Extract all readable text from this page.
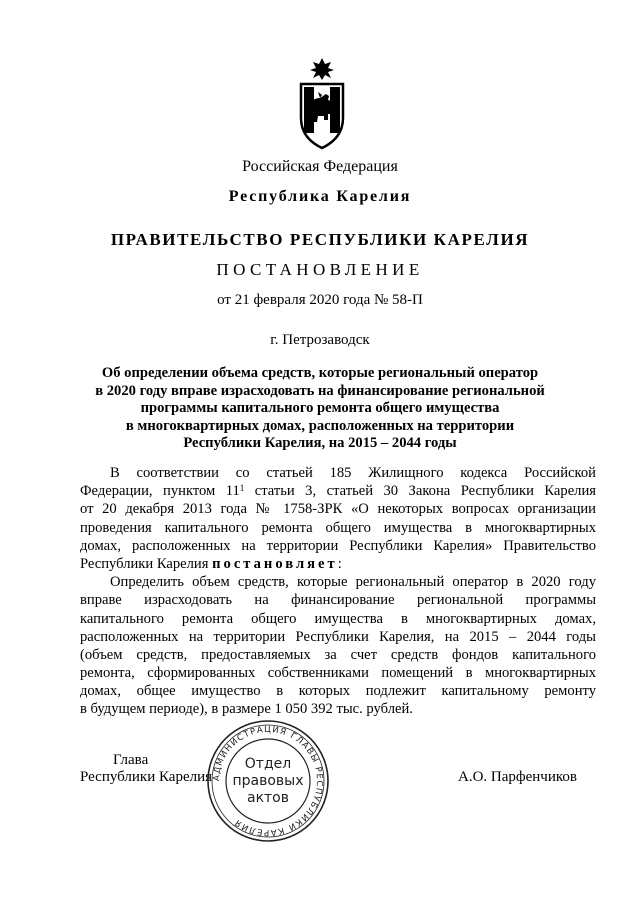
Российская Федерация
Республика Карелия
ПРАВИТЕЛЬСТВО РЕСПУБЛИКИ КАРЕЛИЯ
ПОСТАНОВЛЕНИЕ
от 21 февраля 2020 года № 58-П
г. Петрозаводск
Об определении объема средств, которые региональный оператор
в 2020 году вправе израсходовать на финансирование региональной
программы капитального ремонта общего имущества
в многоквартирных домах, расположенных на территории
Республики Карелия, на 2015 – 2044 годы
В соответствии со статьей 185 Жилищного кодекса Российской
Федерации, пунктом $11^1$ статьи 3, статьей 30 Закона Республики Карелия
от 20 декабря 2013 года № 1758-ЗРК «О некоторых вопросах организации
проведения капитального ремонта общего имущества в многоквартирных
домах, расположенных на территории Республики Карелия» Правительство
Республики Карелия постановляет:
Определить объем средств, которые региональный оператор в 2020 году
вправе израсходовать на финансирование региональной программы
капитального ремонта общего имущества в многоквартирных домах,
расположенных на территории Республики Карелия, на 2015 – 2044 годы
(объем средств, предоставляемых за счет средств фондов капитального
ремонта, сформированных собственниками помещений в многоквартирных
домах, общее имущество в которых подлежит капитальному ремонту
в будущем периоде), в размере 1 050 392 тыс. рублей.
Глава
Республики Карелия	А.О. Парфенчиков
АДМИНИСТРАЦИЯ ГЛАВЫ РЕСПУБЛИКИ КАРЕЛИЯ
Отдел
правовых
актов
